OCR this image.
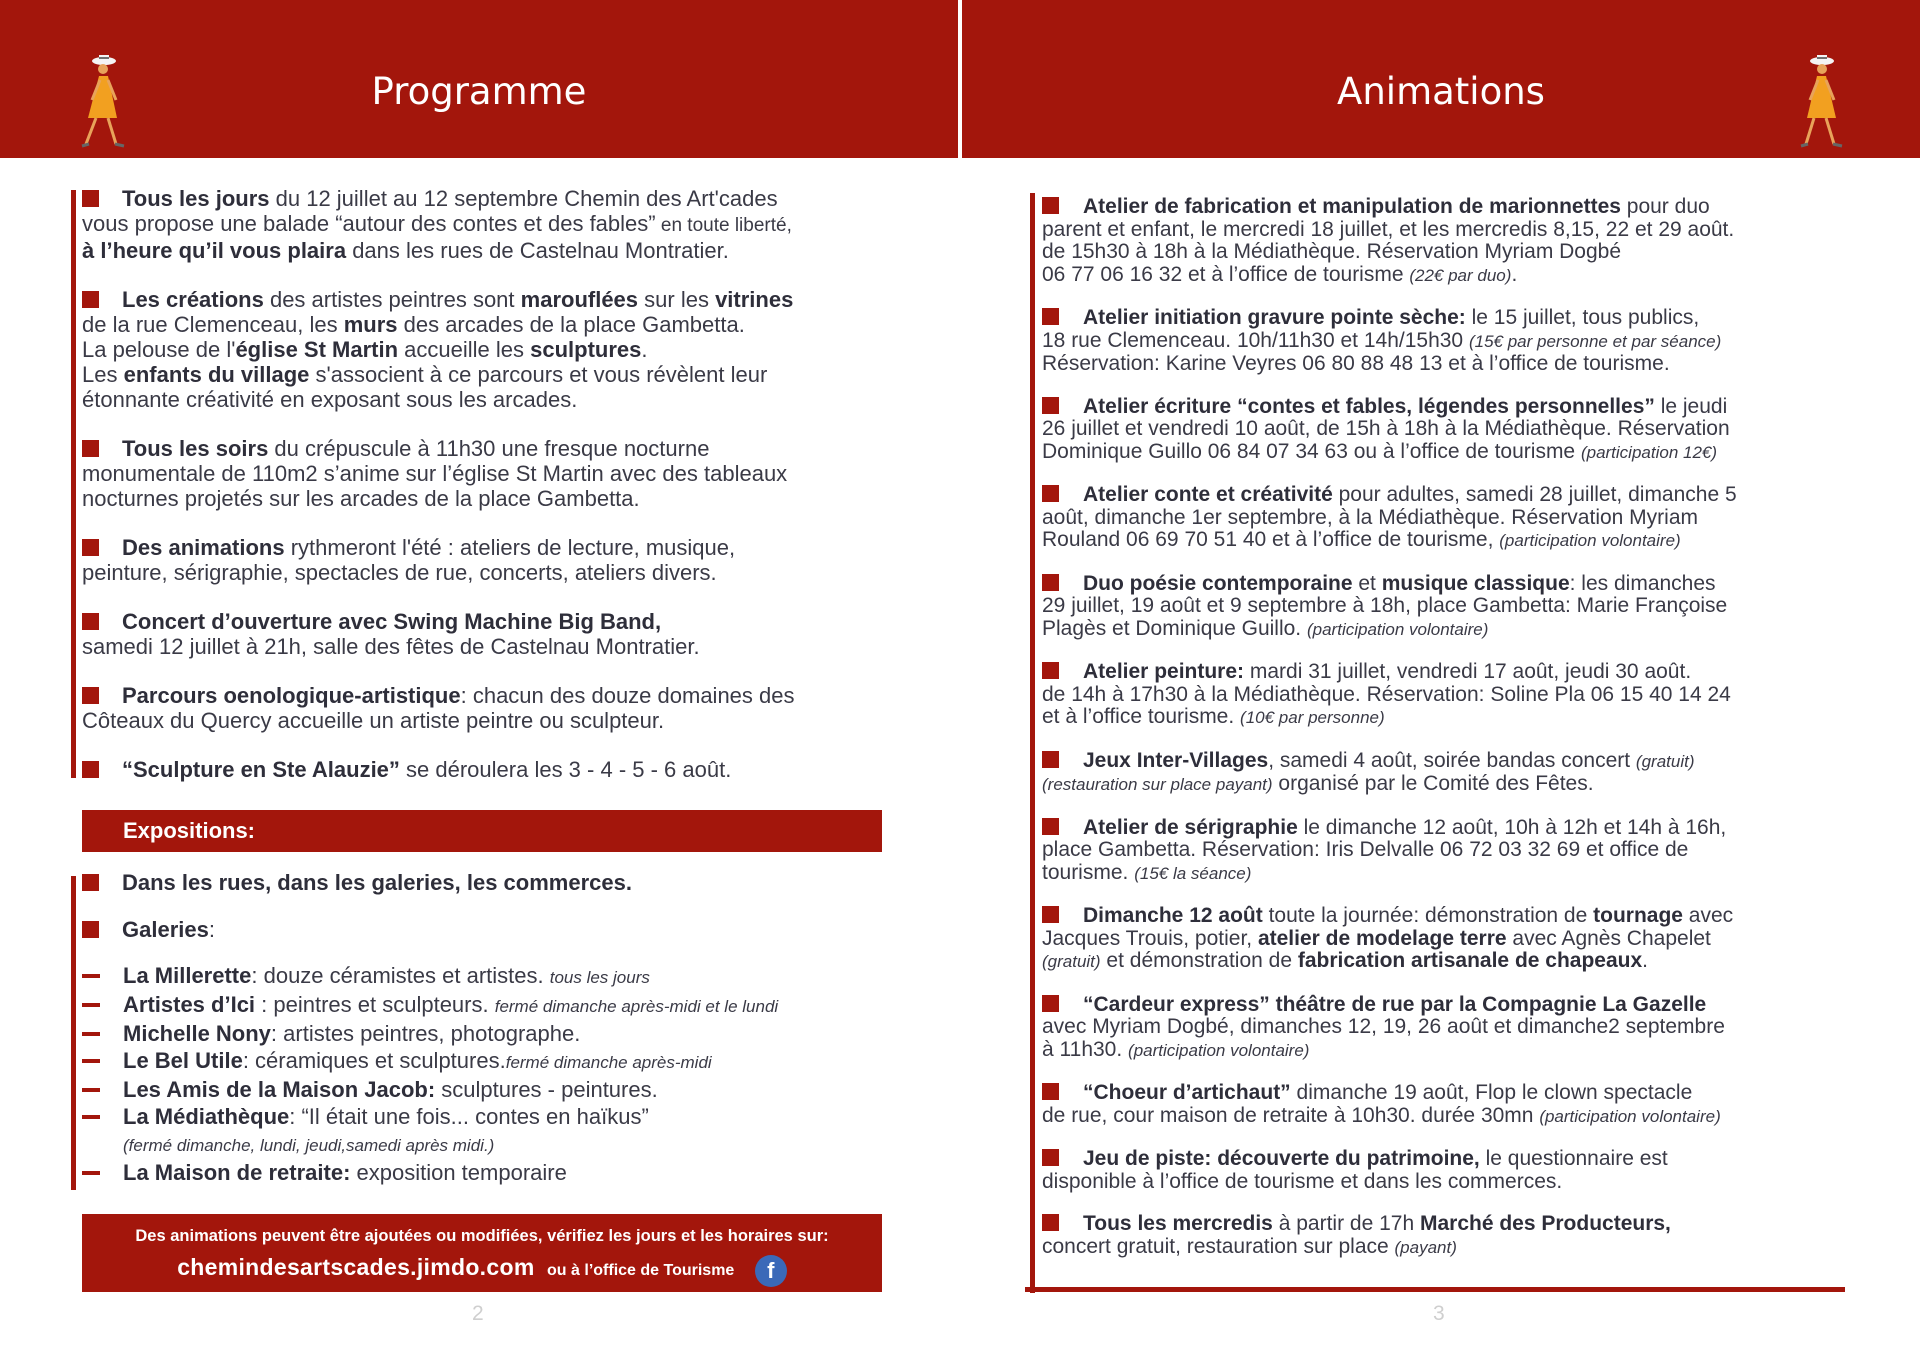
Programme	Animations
Tous les jours du 12 juillet au 12 septembre Chemin des Art'cades
vous propose une balade “autour des contes et des fables” en toute liberté,
à l’heure qu’il vous plaira dans les rues de Castelnau Montratier.
Les créations des artistes peintres sont marouflées sur les vitrines
de la rue Clemenceau, les murs des arcades de la place Gambetta.
La pelouse de l'église St Martin accueille les sculptures.
Les enfants du village s'associent à ce parcours et vous révèlent leur
étonnante créativité en exposant sous les arcades.
Tous les soirs du crépuscule à 11h30 une fresque nocturne
monumentale de 110m2 s’anime sur l’église St Martin avec des tableaux
nocturnes projetés sur les arcades de la place Gambetta.
Des animations rythmeront l'été : ateliers de lecture, musique,
peinture, sérigraphie, spectacles de rue, concerts, ateliers divers.
Concert d’ouverture avec Swing Machine Big Band,
samedi 12 juillet à 21h, salle des fêtes de Castelnau Montratier.
Parcours oenologique-artistique: chacun des douze domaines des
Côteaux du Quercy accueille un artiste peintre ou sculpteur.
“Sculpture en Ste Alauzie” se déroulera les 3 - 4 - 5 - 6 août.
Expositions:
Dans les rues, dans les galeries, les commerces.
Galeries:
La Millerette: douze céramistes et artistes. tous les jours
Artistes d’Ici : peintres et sculpteurs. fermé dimanche après-midi et le lundi
Michelle Nony: artistes peintres, photographe.
Le Bel Utile: céramiques et sculptures.fermé dimanche après-midi
Les Amis de la Maison Jacob: sculptures - peintures.
La Médiathèque: “Il était une fois... contes en haïkus”
(fermé dimanche, lundi, jeudi,samedi après midi.)
La Maison de retraite: exposition temporaire
Des animations peuvent être ajoutées ou modifiées, vérifiez les jours et les horaires sur:
chemindesartscades.jimdo.com ou à l’office de Tourisme f
2
Atelier de fabrication et manipulation de marionnettes pour duo
parent et enfant, le mercredi 18 juillet, et les mercredis 8,15, 22 et 29 août.
de 15h30 à 18h à la Médiathèque. Réservation Myriam Dogbé
06 77 06 16 32 et à l’office de tourisme (22€ par duo).
Atelier initiation gravure pointe sèche: le 15 juillet, tous publics,
18 rue Clemenceau. 10h/11h30 et 14h/15h30 (15€ par personne et par séance)
Réservation: Karine Veyres 06 80 88 48 13 et à l’office de tourisme.
Atelier écriture “contes et fables, légendes personnelles” le jeudi
26 juillet et vendredi 10 août, de 15h à 18h à la Médiathèque. Réservation
Dominique Guillo 06 84 07 34 63 ou à l’office de tourisme (participation 12€)
Atelier conte et créativité pour adultes, samedi 28 juillet, dimanche 5
août, dimanche 1er septembre, à la Médiathèque. Réservation Myriam
Rouland 06 69 70 51 40 et à l’office de tourisme, (participation volontaire)
Duo poésie contemporaine et musique classique: les dimanches
29 juillet, 19 août et 9 septembre à 18h, place Gambetta: Marie Françoise
Plagès et Dominique Guillo. (participation volontaire)
Atelier peinture: mardi 31 juillet, vendredi 17 août, jeudi 30 août.
de 14h à 17h30 à la Médiathèque. Réservation: Soline Pla 06 15 40 14 24
et à l’office tourisme. (10€ par personne)
Jeux Inter-Villages, samedi 4 août, soirée bandas concert (gratuit)
(restauration sur place payant) organisé par le Comité des Fêtes.
Atelier de sérigraphie le dimanche 12 août, 10h à 12h et 14h à 16h,
place Gambetta. Réservation: Iris Delvalle 06 72 03 32 69 et office de
tourisme. (15€ la séance)
Dimanche 12 août toute la journée: démonstration de tournage avec
Jacques Trouis, potier, atelier de modelage terre avec Agnès Chapelet
(gratuit) et démonstration de fabrication artisanale de chapeaux.
“Cardeur express” théâtre de rue par la Compagnie La Gazelle
avec Myriam Dogbé, dimanches 12, 19, 26 août et dimanche2 septembre
à 11h30. (participation volontaire)
“Choeur d’artichaut” dimanche 19 août, Flop le clown spectacle
de rue, cour maison de retraite à 10h30. durée 30mn (participation volontaire)
Jeu de piste: découverte du patrimoine, le questionnaire est
disponible à l’office de tourisme et dans les commerces.
Tous les mercredis à partir de 17h Marché des Producteurs,
concert gratuit, restauration sur place (payant)
3
